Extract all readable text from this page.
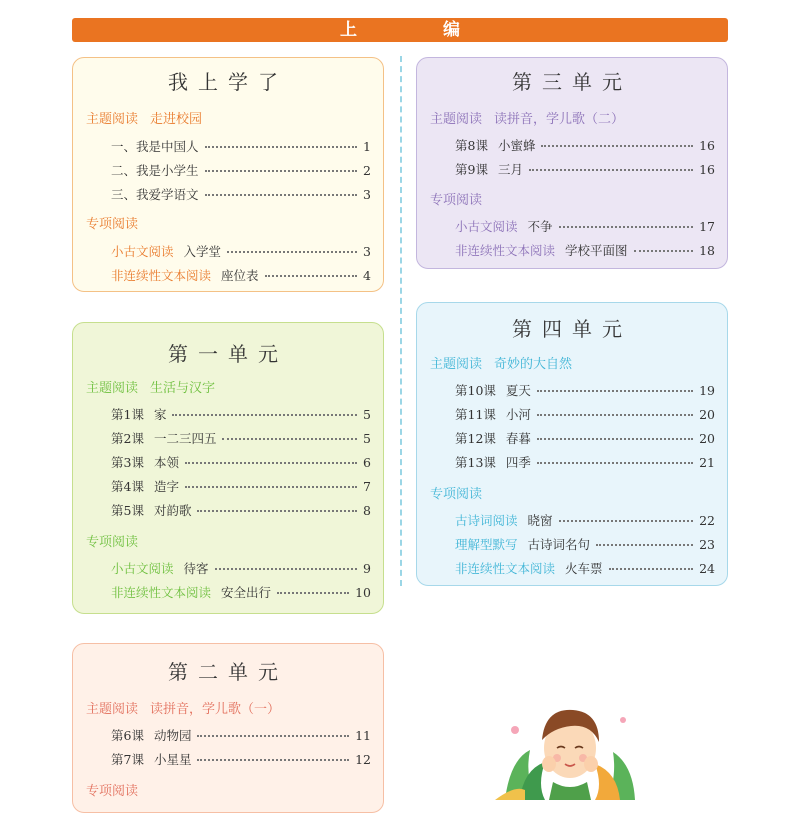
上 编
我上学了
主题阅读 走进校园
一、我是中国人	1
二、我是小学生	2
三、我爱学语文	3
专项阅读
小古文阅读 入学堂	3
非连续性文本阅读 座位表	4
第一单元
主题阅读 生活与汉字
第1课 家	5
第2课 一二三四五	5
第3课 本领	6
第4课 造字	7
第5课 对韵歌	8
专项阅读
小古文阅读 待客	9
非连续性文本阅读 安全出行	10
第二单元
主题阅读 读拼音，学儿歌（一）
第6课 动物园	11
第7课 小星星	12
专项阅读
第三单元
主题阅读 读拼音，学儿歌（二）
第8课 小蜜蜂	16
第9课 三月	16
专项阅读
小古文阅读 不争	17
非连续性文本阅读 学校平面图	18
第四单元
主题阅读 奇妙的大自然
第10课 夏天	19
第11课 小河	20
第12课 春暮	20
第13课 四季	21
专项阅读
古诗词阅读 晓窗	22
理解型默写 古诗词名句	23
非连续性文本阅读 火车票	24
